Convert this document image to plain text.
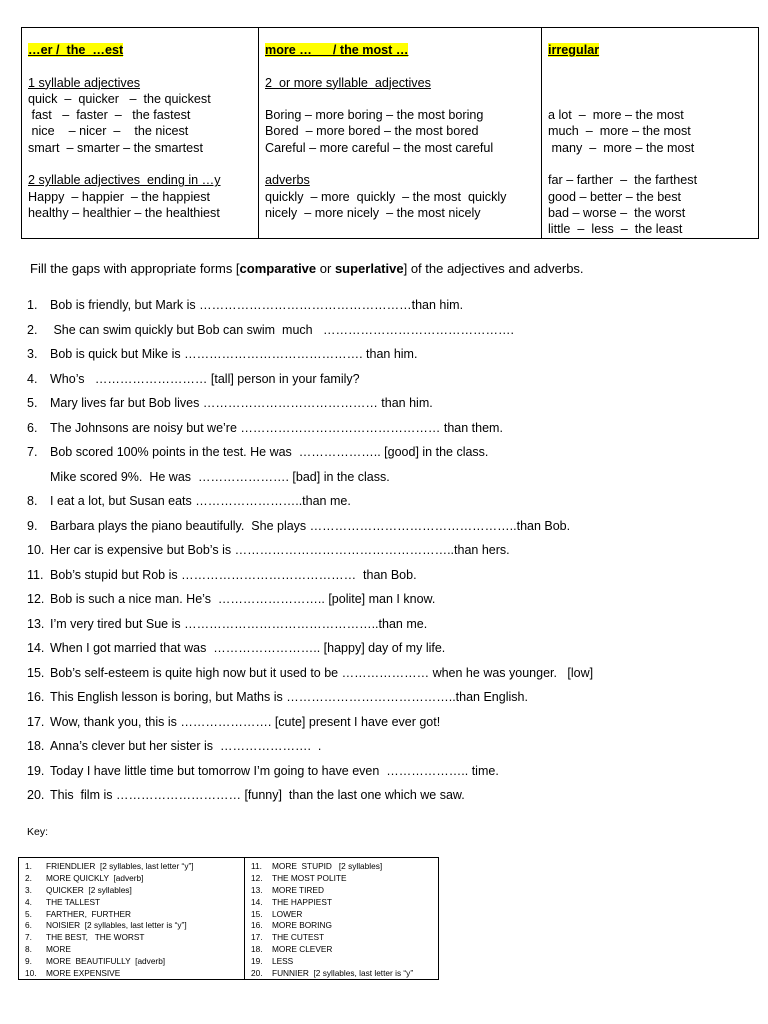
…er /  the  …est
1 syllable adjectives
quick  –  quicker   –  the quickest
fast   –  faster  –   the fastest
nice    – nicer  –    the nicest
smart  – smarter – the smartest
2 syllable adjectives  ending in …y
Happy  – happier  – the happiest
healthy – healthier – the healthiest
more …      / the most …
2  or more syllable  adjectives
Boring – more boring – the most boring
Bored  – more bored – the most bored
Careful – more careful – the most careful
adverbs
quickly  – more  quickly  – the most  quickly
nicely  – more nicely  – the most nicely
irregular
a lot  –  more – the most
much  –  more – the most
many  –  more – the most
far – farther  –  the farthest
good – better – the best
bad – worse –  the worst
little  –  less  –  the least
Fill the gaps with appropriate forms [comparative or superlative] of the adjectives and adverbs.
1.	Bob is friendly, but Mark is ……………………………………………than him.
2.	She can swim quickly but Bob can swim  much   ……………………………………….
3.	Bob is quick but Mike is ……………………………………. than him.
4.	Who’s   ……………………… [tall] person in your family?
5.	Mary lives far but Bob lives …………………………………… than him.
6.	The Johnsons are noisy but we’re ………………………………………… than them.
7.	Bob scored 100% points in the test. He was  ……………….. [good] in the class.
Mike scored 9%.  He was  …………………. [bad] in the class.
8.	I eat a lot, but Susan eats ……………………..than me.
9.	Barbara plays the piano beautifully.  She plays …………………………………………..than Bob.
10. Her car is expensive but Bob’s is ……………………………………………..than hers.
11. Bob’s stupid but Rob is ……………………………………  than Bob.
12. Bob is such a nice man. He’s  …………………….. [polite] man I know.
13. I’m very tired but Sue is ………………………………………..than me.
14. When I got married that was  …………………….. [happy] day of my life.
15. Bob’s self-esteem is quite high now but it used to be ………………… when he was younger.   [low]
16. This English lesson is boring, but Maths is …………………………………..than English.
17. Wow, thank you, this is …………………. [cute] present I have ever got!
18. Anna’s clever but her sister is  ………………….  .
19. Today I have little time but tomorrow I’m going to have even  ……………….. time.
20. This  film is ………………………… [funny]  than the last one which we saw.
Key:
1.	FRIENDLIER  [2 syllables, last letter “y”]
2.	MORE QUICKLY  [adverb]
3.	QUICKER  [2 syllables]
4.	THE TALLEST
5.	FARTHER,  FURTHER
6.	NOISIER  [2 syllables, last letter is “y”]
7.	THE BEST,   THE WORST
8.	MORE
9.	MORE  BEAUTIFULLY  [adverb]
10.	MORE EXPENSIVE
11.	MORE  STUPID   [2 syllables]
12.	THE MOST POLITE
13.	MORE TIRED
14.	THE HAPPIEST
15.	LOWER
16.	MORE BORING
17.	THE CUTEST
18.	MORE CLEVER
19.	LESS
20.	FUNNIER  [2 syllables, last letter is “y”
